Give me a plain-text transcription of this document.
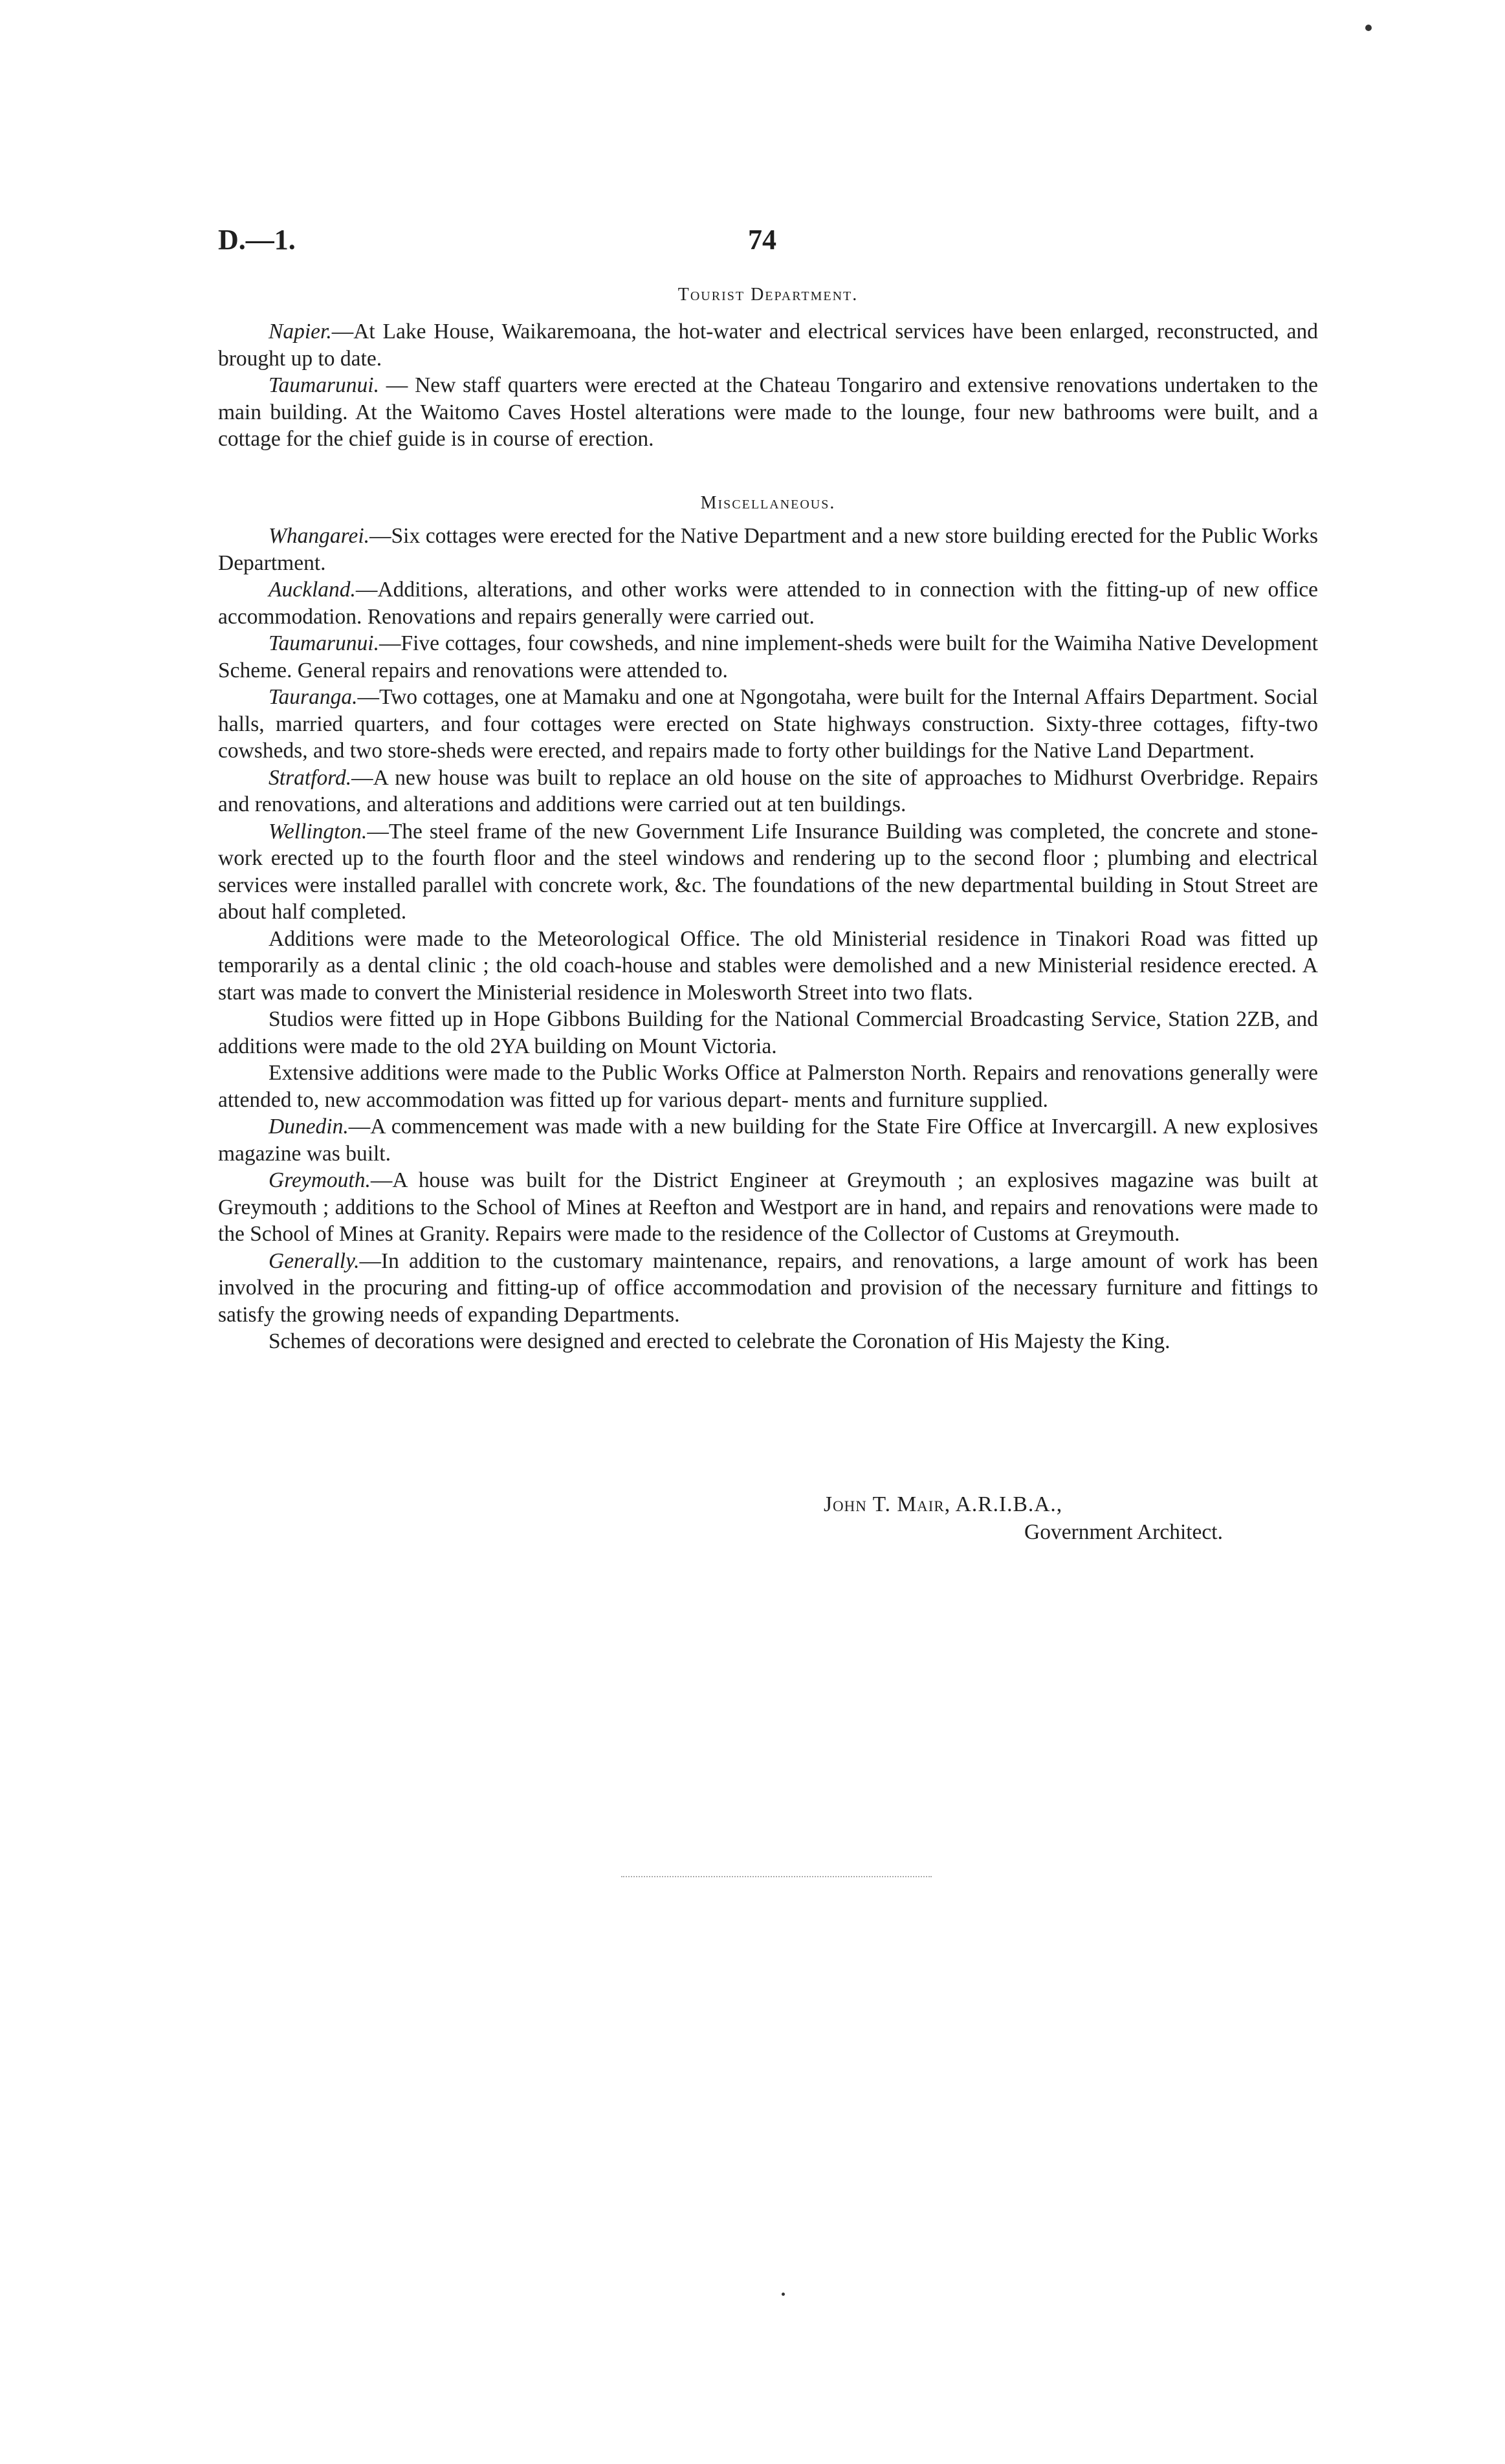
D.—1.	74
Tourist Department.

Napier.—At Lake House, Waikaremoana, the hot-water and electrical services have been enlarged, reconstructed, and brought up to date.

Taumarunui. — New staff quarters were erected at the Chateau Tongariro and extensive renovations undertaken to the main building. At the Waitomo Caves Hostel alterations were made to the lounge, four new bathrooms were built, and a cottage for the chief guide is in course of erection.

Miscellaneous.

Whangarei.—Six cottages were erected for the Native Department and a new store building erected for the Public Works Department.

Auckland.—Additions, alterations, and other works were attended to in connection with the fitting-up of new office accommodation. Renovations and repairs generally were carried out.

Taumarunui.—Five cottages, four cowsheds, and nine implement-sheds were built for the Waimiha Native Development Scheme. General repairs and renovations were attended to.

Tauranga.—Two cottages, one at Mamaku and one at Ngongotaha, were built for the Internal Affairs Department. Social halls, married quarters, and four cottages were erected on State highways construction. Sixty-three cottages, fifty-two cowsheds, and two store-sheds were erected, and repairs made to forty other buildings for the Native Land Department.

Stratford.—A new house was built to replace an old house on the site of approaches to Midhurst Overbridge. Repairs and renovations, and alterations and additions were carried out at ten buildings.

Wellington.—The steel frame of the new Government Life Insurance Building was completed, the concrete and stone-work erected up to the fourth floor and the steel windows and rendering up to the second floor ; plumbing and electrical services were installed parallel with concrete work, &c. The foundations of the new departmental building in Stout Street are about half completed.

Additions were made to the Meteorological Office. The old Ministerial residence in Tinakori Road was fitted up temporarily as a dental clinic ; the old coach-house and stables were demolished and a new Ministerial residence erected. A start was made to convert the Ministerial residence in Molesworth Street into two flats.

Studios were fitted up in Hope Gibbons Building for the National Commercial Broadcasting Service, Station 2ZB, and additions were made to the old 2YA building on Mount Victoria.

Extensive additions were made to the Public Works Office at Palmerston North. Repairs and renovations generally were attended to, new accommodation was fitted up for various depart- ments and furniture supplied.

Dunedin.—A commencement was made with a new building for the State Fire Office at Invercargill. A new explosives magazine was built.

Greymouth.—A house was built for the District Engineer at Greymouth ; an explosives magazine was built at Greymouth ; additions to the School of Mines at Reefton and Westport are in hand, and repairs and renovations were made to the School of Mines at Granity. Repairs were made to the residence of the Collector of Customs at Greymouth.

Generally.—In addition to the customary maintenance, repairs, and renovations, a large amount of work has been involved in the procuring and fitting-up of office accommodation and provision of the necessary furniture and fittings to satisfy the growing needs of expanding Departments.

Schemes of decorations were designed and erected to celebrate the Coronation of His Majesty the King.

John T. Mair, A.R.I.B.A.,
Government Architect.
